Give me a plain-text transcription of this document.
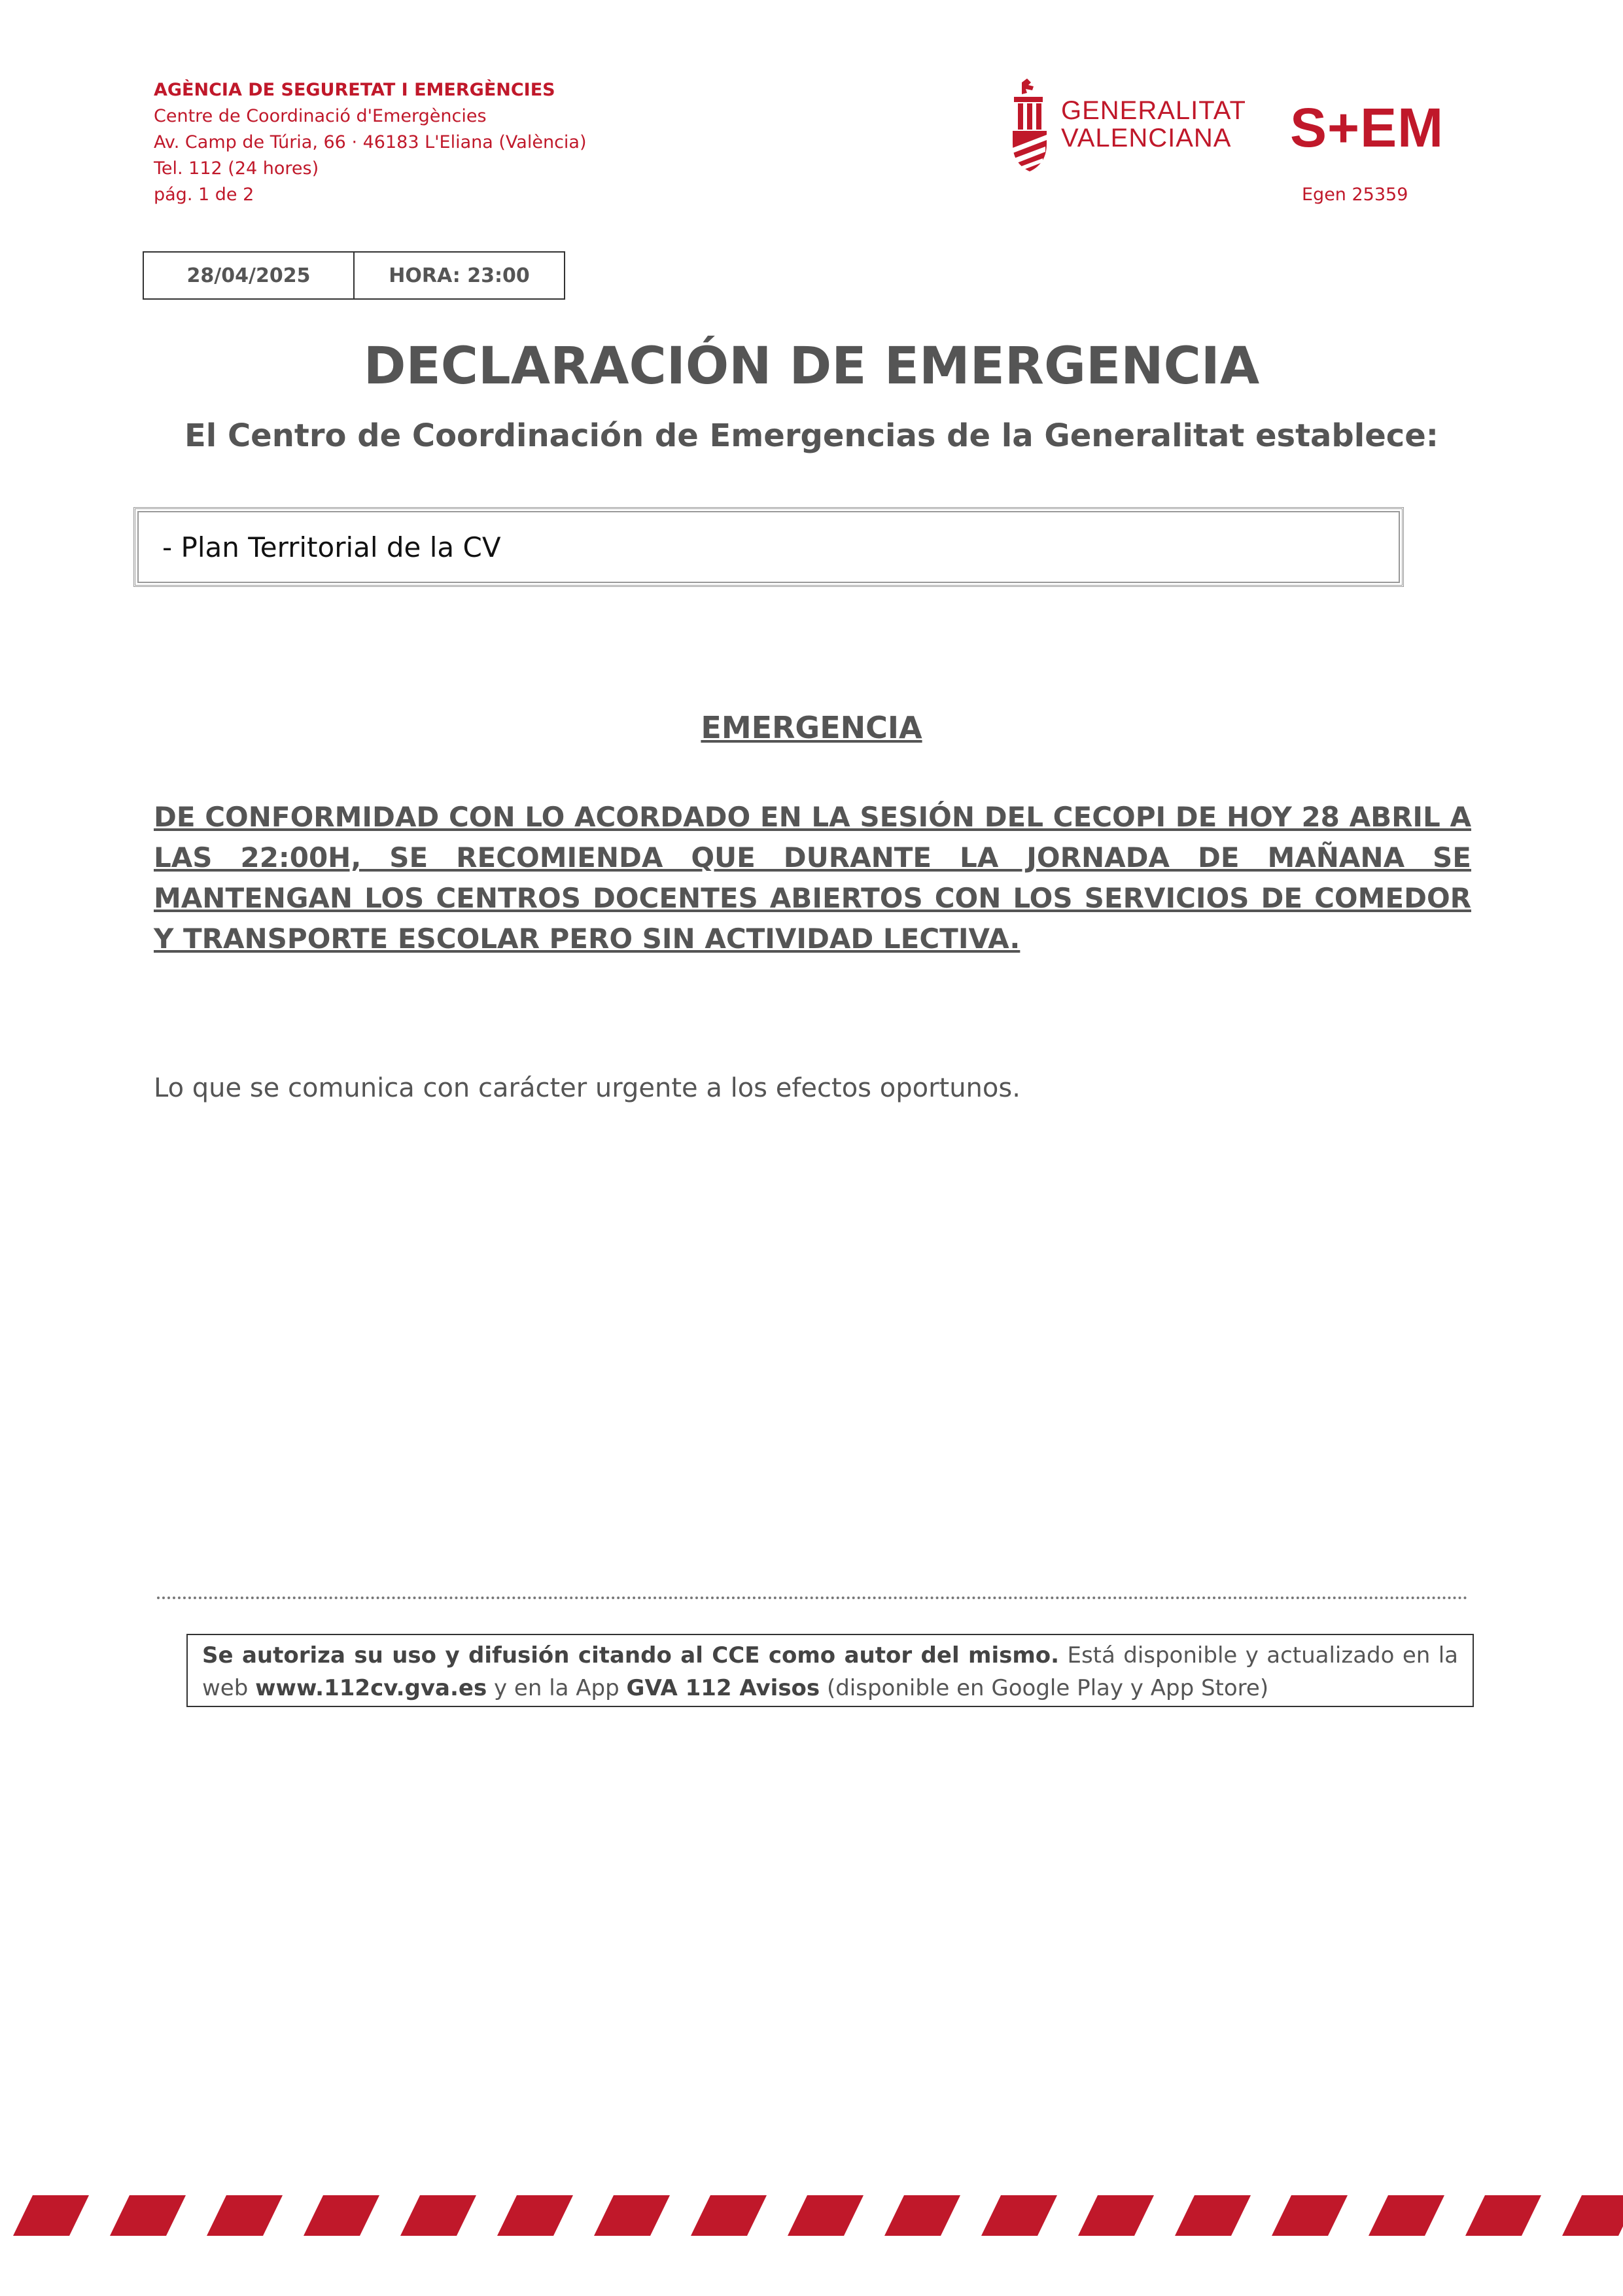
AGÈNCIA DE SEGURETAT I EMERGÈNCIES
Centre de Coordinació d'Emergències
Av. Camp de Túria, 66 · 46183 L'Eliana (València)
Tel. 112 (24 hores)
pág. 1 de 2
GENERALITAT
VALENCIANA S+EM
Egen 25359
28/04/2025	HORA: 23:00
DECLARACIÓN DE EMERGENCIA
El Centro de Coordinación de Emergencias de la Generalitat establece:
- Plan Territorial de la CV
EMERGENCIA
DE CONFORMIDAD CON LO ACORDADO EN LA SESIÓN DEL CECOPI DE HOY 28 ABRIL A LAS 22:00H, SE RECOMIENDA QUE DURANTE LA JORNADA DE MAÑANA SE MANTENGAN LOS CENTROS DOCENTES ABIERTOS CON LOS SERVICIOS DE COMEDOR Y TRANSPORTE ESCOLAR PERO SIN ACTIVIDAD LECTIVA.
Lo que se comunica con carácter urgente a los efectos oportunos.
Se autoriza su uso y difusión citando al CCE como autor del mismo. Está disponible y actualizado en la web www.112cv.gva.es y en la App GVA 112 Avisos (disponible en Google Play y App Store)
